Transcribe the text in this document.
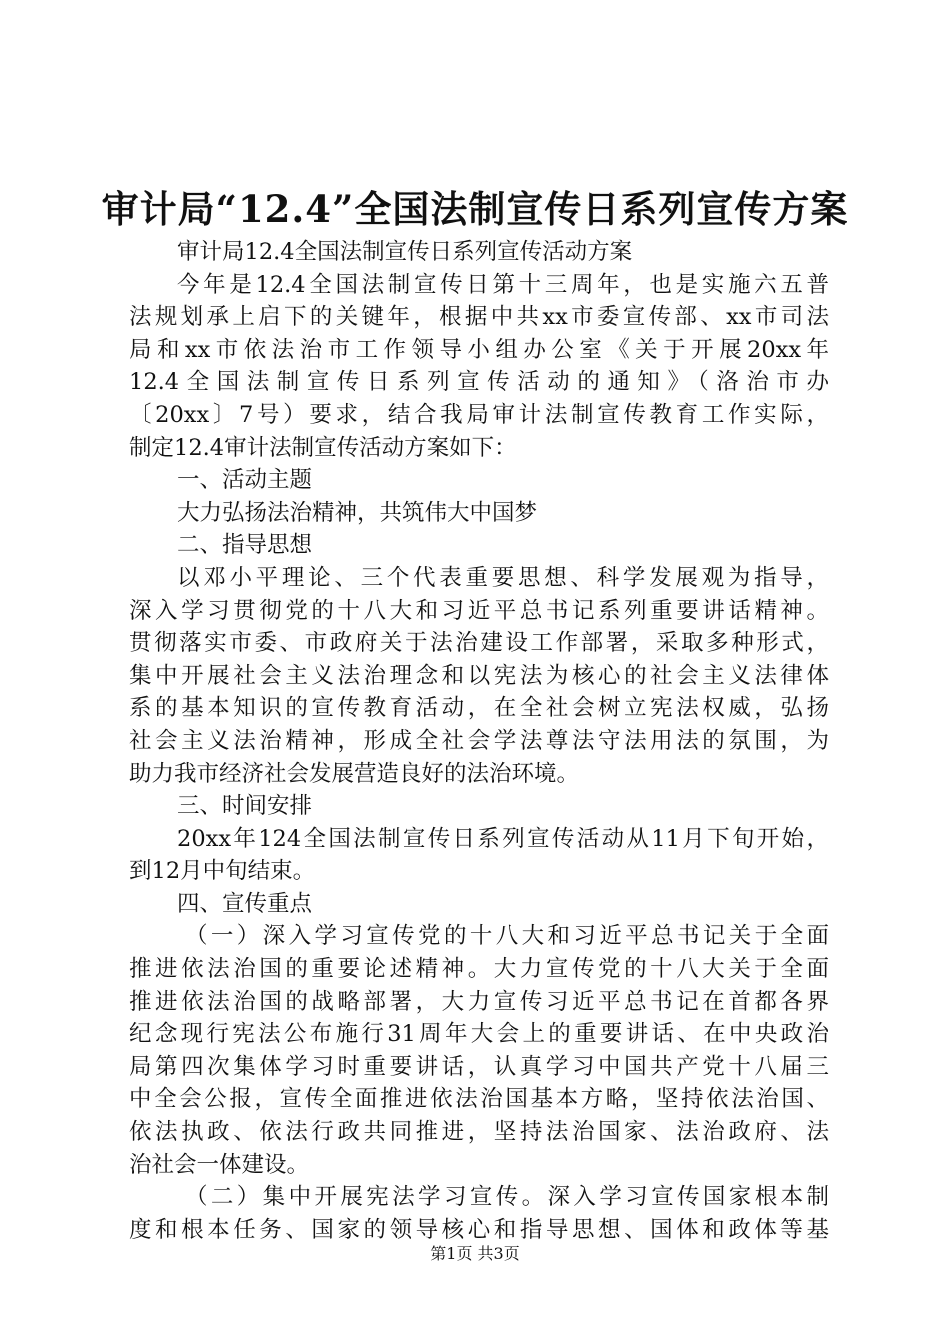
审计局“12.4”全国法制宣传日系列宣传方案
审计局12.4全国法制宣传日系列宣传活动方案
今年是12.4全国法制宣传日第十三周年，也是实施六五普
法规划承上启下的关键年，根据中共xx市委宣传部、xx市司法
局和xx市依法治市工作领导小组办公室《关于开展20xx年
12.4全国法制宣传日系列宣传活动的通知》（洛治市办
〔20xx〕7号）要求，结合我局审计法制宣传教育工作实际，
制定12.4审计法制宣传活动方案如下：
一、活动主题
大力弘扬法治精神，共筑伟大中国梦
二、指导思想
以邓小平理论、三个代表重要思想、科学发展观为指导，
深入学习贯彻党的十八大和习近平总书记系列重要讲话精神。
贯彻落实市委、市政府关于法治建设工作部署，采取多种形式，
集中开展社会主义法治理念和以宪法为核心的社会主义法律体
系的基本知识的宣传教育活动，在全社会树立宪法权威，弘扬
社会主义法治精神，形成全社会学法尊法守法用法的氛围，为
助力我市经济社会发展营造良好的法治环境。
三、时间安排
20xx年124全国法制宣传日系列宣传活动从11月下旬开始，
到12月中旬结束。
四、宣传重点
（一）深入学习宣传党的十八大和习近平总书记关于全面
推进依法治国的重要论述精神。大力宣传党的十八大关于全面
推进依法治国的战略部署，大力宣传习近平总书记在首都各界
纪念现行宪法公布施行31周年大会上的重要讲话、在中央政治
局第四次集体学习时重要讲话，认真学习中国共产党十八届三
中全会公报，宣传全面推进依法治国基本方略，坚持依法治国、
依法执政、依法行政共同推进，坚持法治国家、法治政府、法
治社会一体建设。
（二）集中开展宪法学习宣传。深入学习宣传国家根本制
度和根本任务、国家的领导核心和指导思想、国体和政体等基
第1页 共3页
